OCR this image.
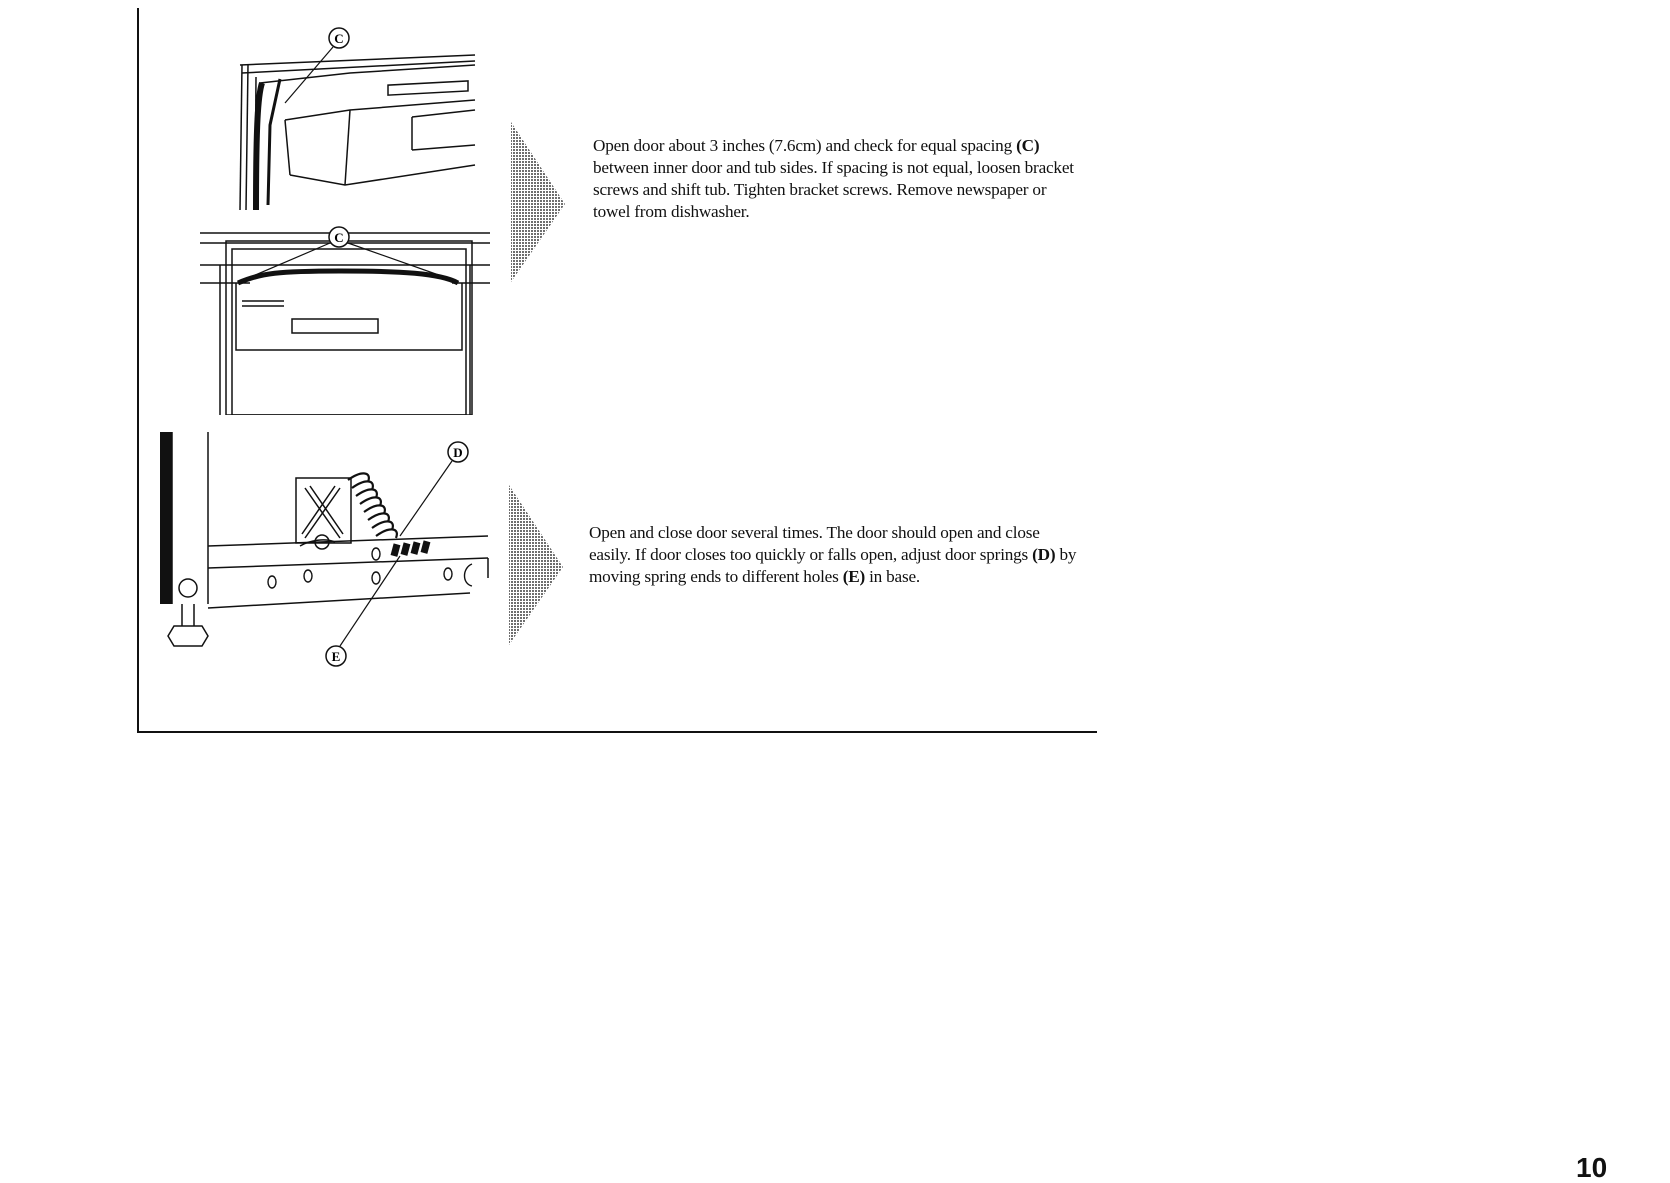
C
C
D
E
Open door about 3 inches (7.6cm) and check for equal spacing (C) between inner door and tub sides. If spacing is not equal, loosen bracket screws and shift tub. Tighten bracket screws. Remove newspaper or towel from dishwasher.
Open and close door several times. The door should open and close easily. If door closes too quickly or falls open, adjust door springs (D) by moving spring ends to different holes (E) in base.
10
